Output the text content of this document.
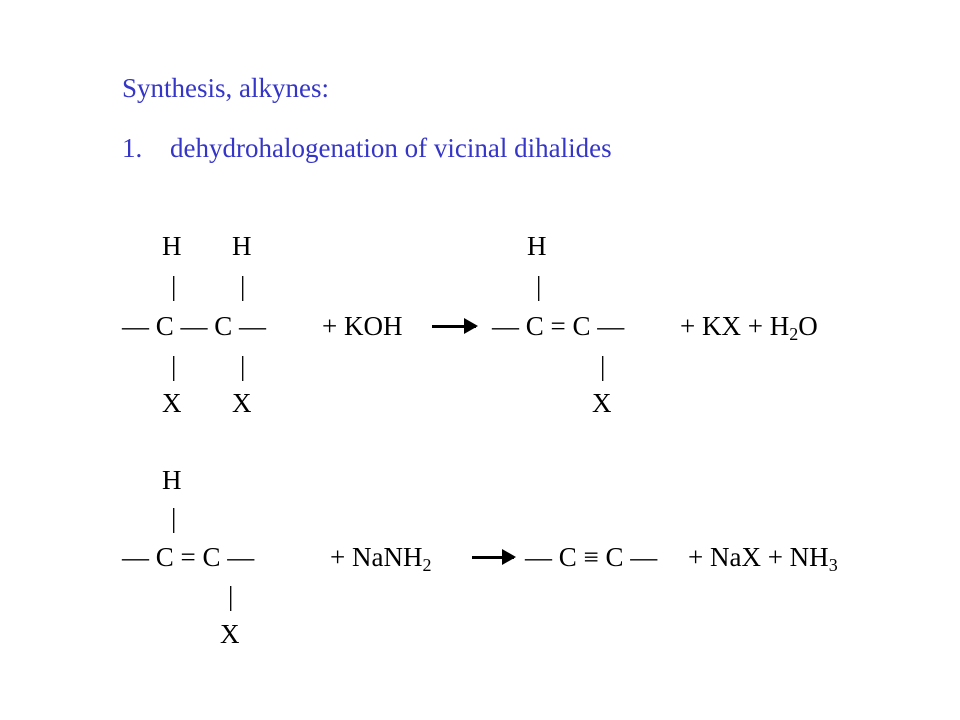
Synthesis, alkynes:
1. dehydrohalogenation of vicinal dihalides
H H	H
| |	|
— C — C — + KOH → — C = C — + KX + $H_2O$
| |	|
X X	X
H
|
— C = C —	+ NaNH$_2$	→ — C ≡ C — + NaX + $NH_3$
|
X
